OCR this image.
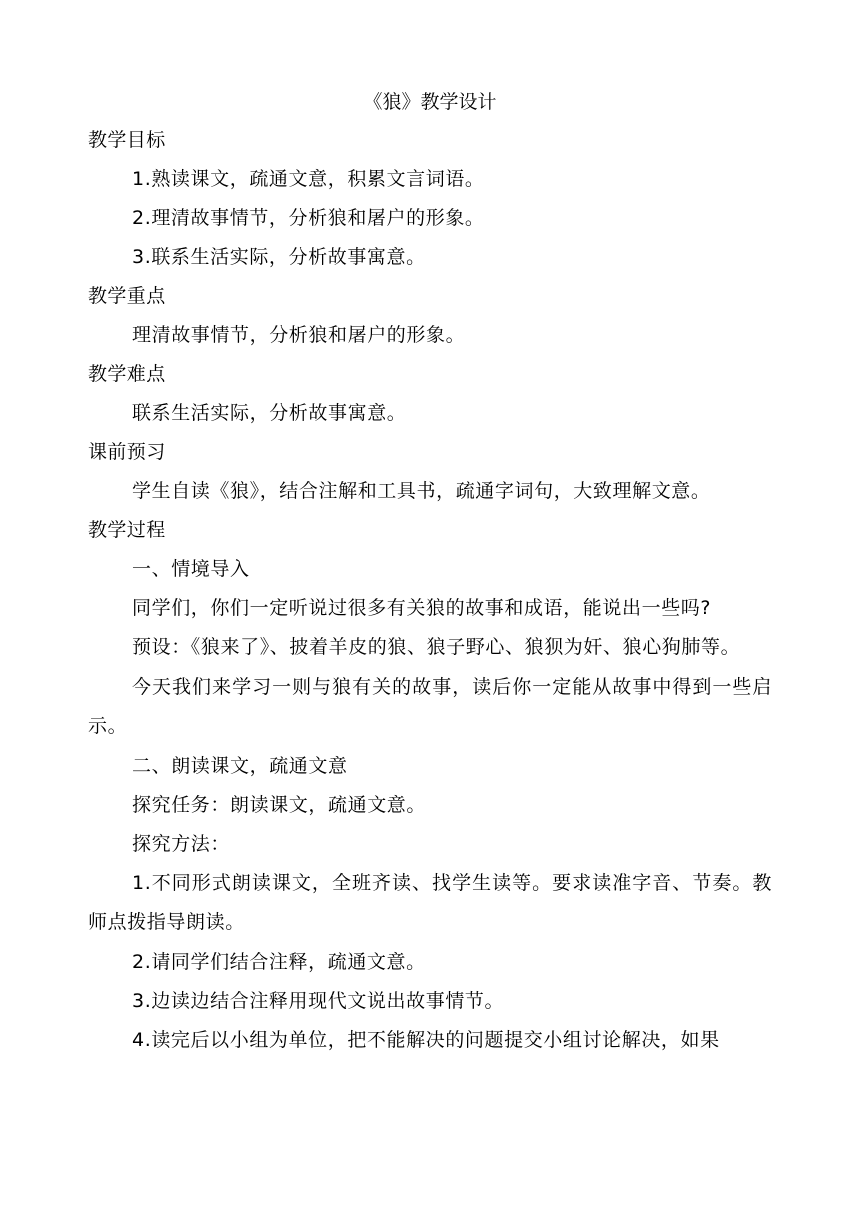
《狼》教学设计
教学目标
1.熟读课文，疏通文意，积累文言词语。
2.理清故事情节，分析狼和屠户的形象。
3.联系生活实际，分析故事寓意。
教学重点
理清故事情节，分析狼和屠户的形象。
教学难点
联系生活实际，分析故事寓意。
课前预习
学生自读《狼》，结合注解和工具书，疏通字词句，大致理解文意。
教学过程
一、情境导入
同学们，你们一定听说过很多有关狼的故事和成语，能说出一些吗?
预设：《狼来了》、披着羊皮的狼、狼子野心、狼狈为奸、狼心狗肺等。
今天我们来学习一则与狼有关的故事，读后你一定能从故事中得到一些启示。
二、朗读课文，疏通文意
探究任务：朗读课文，疏通文意。
探究方法：
1.不同形式朗读课文，全班齐读、找学生读等。要求读准字音、节奏。教师点拨指导朗读。
2.请同学们结合注释，疏通文意。
3.边读边结合注释用现代文说出故事情节。
4.读完后以小组为单位，把不能解决的问题提交小组讨论解决，如果
